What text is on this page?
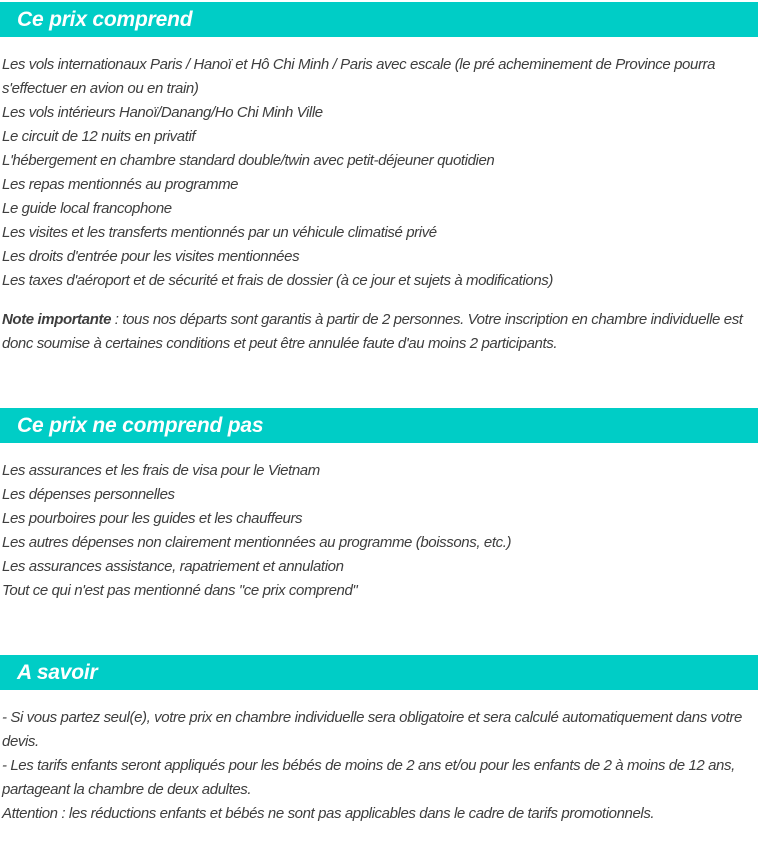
Ce prix comprend
Les vols internationaux Paris / Hanoï et Hô Chi Minh / Paris avec escale (le pré acheminement de Province pourra s'effectuer en avion ou en train)
Les vols intérieurs Hanoï/Danang/Ho Chi Minh Ville
Le circuit de 12 nuits en privatif
L'hébergement en chambre standard double/twin avec petit-déjeuner quotidien
Les repas mentionnés au programme
Le guide local francophone
Les visites et les transferts mentionnés par un véhicule climatisé privé
Les droits d'entrée pour les visites mentionnées
Les taxes d'aéroport et de sécurité et frais de dossier (à ce jour et sujets à modifications)

Note importante : tous nos départs sont garantis à partir de 2 personnes. Votre inscription en chambre individuelle est donc soumise à certaines conditions et peut être annulée faute d'au moins 2 participants.

Ce prix ne comprend pas
Les assurances et les frais de visa pour le Vietnam
Les dépenses personnelles
Les pourboires pour les guides et les chauffeurs
Les autres dépenses non clairement mentionnées au programme (boissons, etc.)
Les assurances assistance, rapatriement et annulation
Tout ce qui n'est pas mentionné dans "ce prix comprend"
A savoir
- Si vous partez seul(e), votre prix en chambre individuelle sera obligatoire et sera calculé automatiquement dans votre devis.
- Les tarifs enfants seront appliqués pour les bébés de moins de 2 ans et/ou pour les enfants de 2 à moins de 12 ans, partageant la chambre de deux adultes.
Attention : les réductions enfants et bébés ne sont pas applicables dans le cadre de tarifs promotionnels.
